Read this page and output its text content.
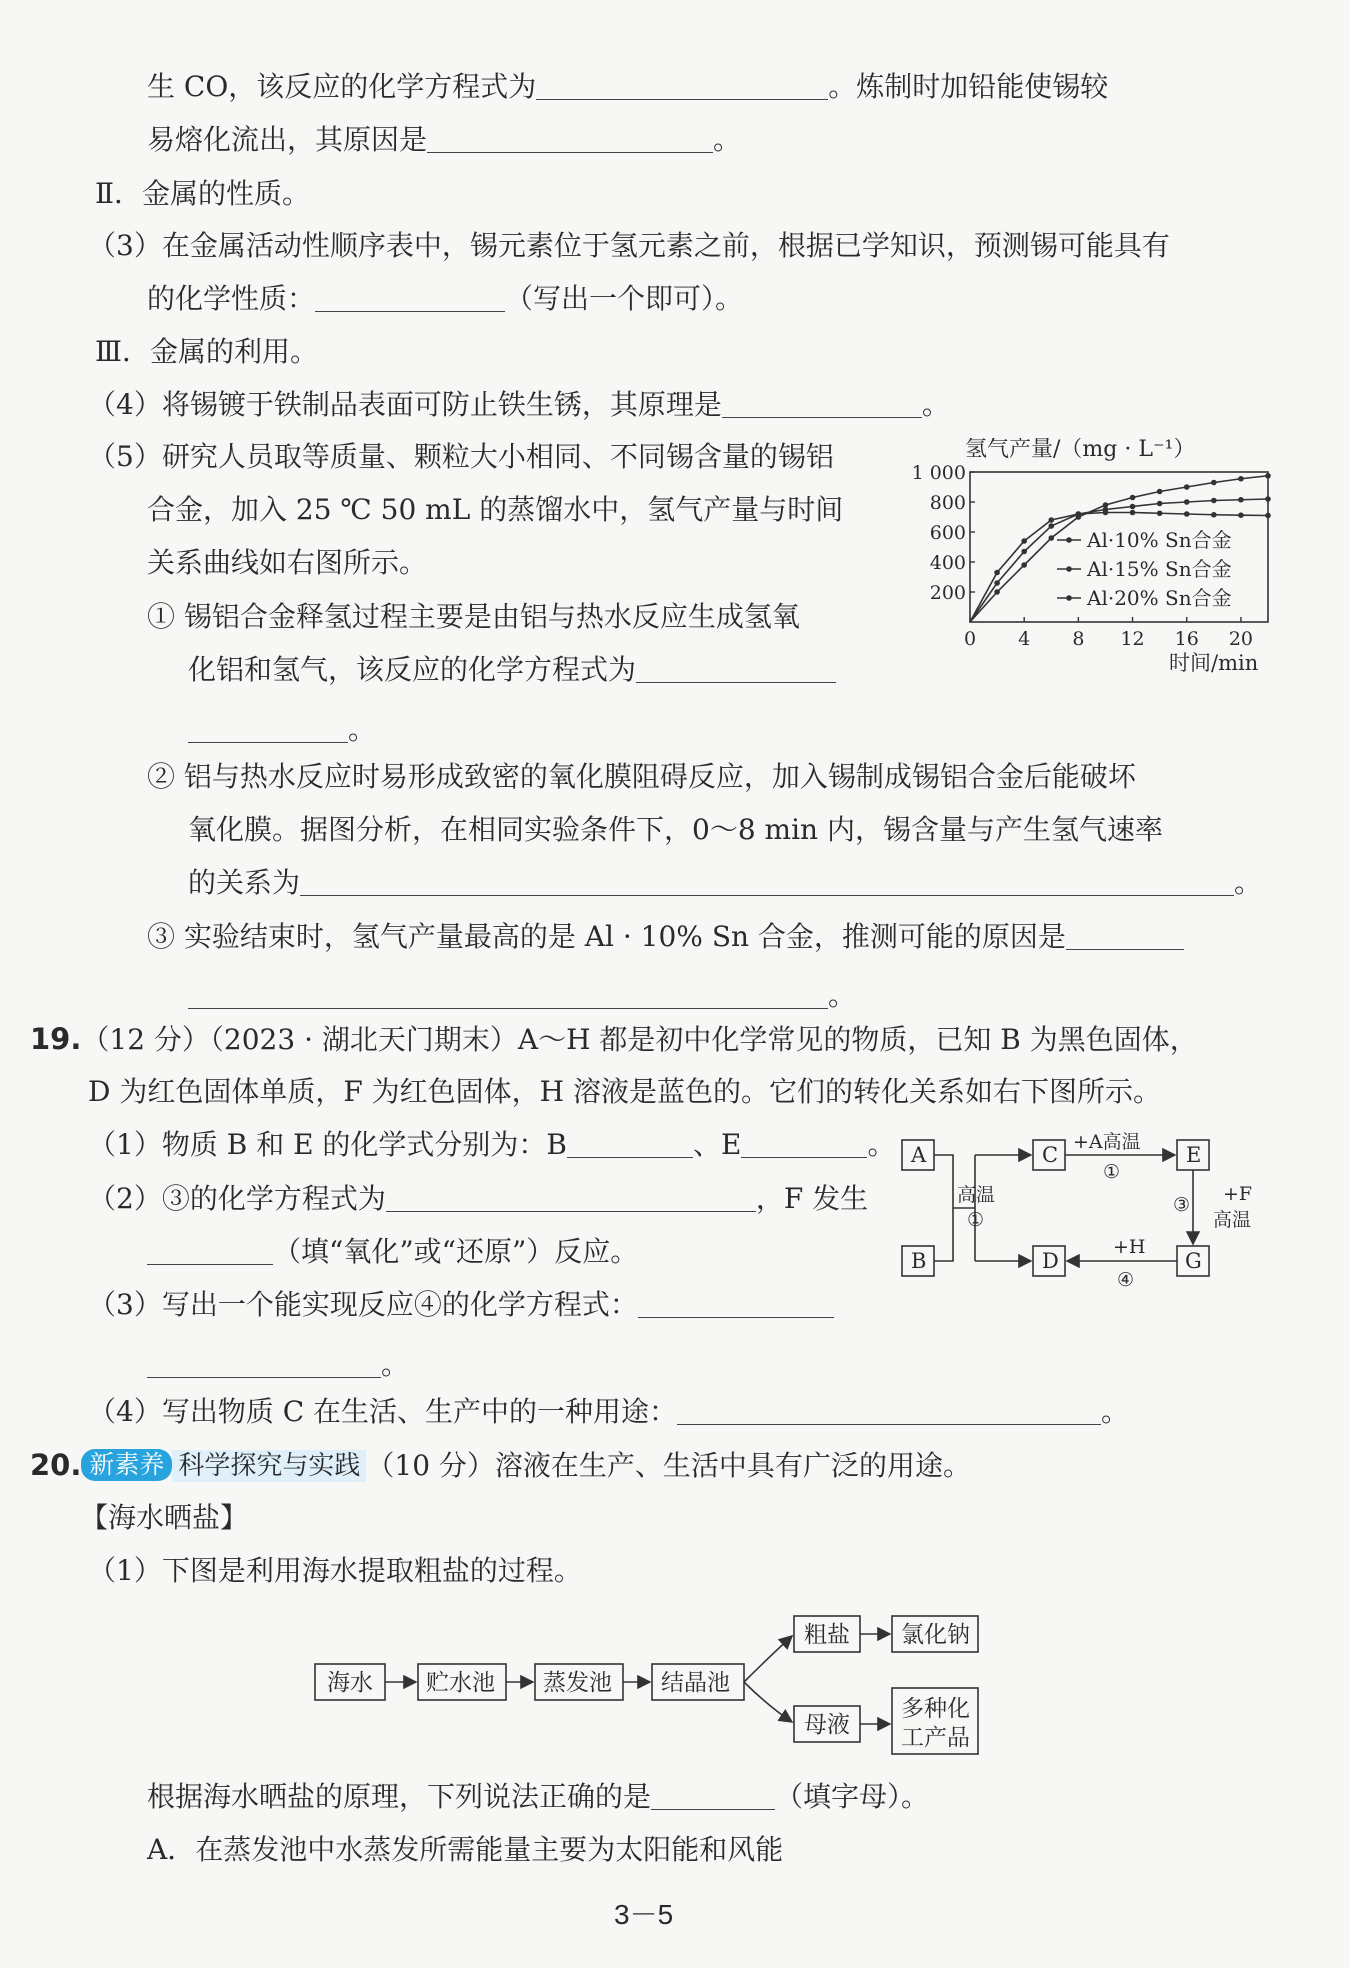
生 CO，该反应的化学方程式为	。炼制时加铅能使锡较
易熔化流出，其原因是	。
Ⅱ．金属的性质。
（3）在金属活动性顺序表中，锡元素位于氢元素之前，根据已学知识，预测锡可能具有
的化学性质：	（写出一个即可）。
Ⅲ．金属的利用。
（4）将锡镀于铁制品表面可防止铁生锈，其原理是	。
（5）研究人员取等质量、颗粒大小相同、不同锡含量的锡铝
合金，加入 25 ℃ 50 mL 的蒸馏水中，氢气产量与时间
关系曲线如右图所示。
① 锡铝合金释氢过程主要是由铝与热水反应生成氢氧
化铝和氢气，该反应的化学方程式为
。
② 铝与热水反应时易形成致密的氧化膜阻碍反应，加入锡制成锡铝合金后能破坏
氧化膜。据图分析，在相同实验条件下，0～8 min 内，锡含量与产生氢气速率
的关系为	。
③ 实验结束时，氢气产量最高的是 Al · 10% Sn 合金，推测可能的原因是
。
氢气产量/（mg · L⁻¹）
200
400
600
800
1 000
0 4 8 12 16 20
Al·10% Sn合金
Al·15% Sn合金
Al·20% Sn合金
时间/min
19.（12 分）（2023 · 湖北天门期末）A～H 都是初中化学常见的物质，已知 B 为黑色固体，
D 为红色固体单质，F 为红色固体，H 溶液是蓝色的。它们的转化关系如右下图所示。
（1）物质 B 和 E 的化学式分别为：B	、E	。
（2）③的化学方程式为	，F 发生
（填“氧化”或“还原”）反应。
（3）写出一个能实现反应④的化学方程式：
。
（4）写出物质 C 在生活、生产中的一种用途：	。
A
B
C
D
E
G
高温
①
+A高温
①
③ +F
高温
+H
④
20. 新素养 科学探究与实践 （10 分）溶液在生产、生活中具有广泛的用途。
【海水晒盐】
（1）下图是利用海水提取粗盐的过程。
海水 贮水池 蒸发池 结晶池
粗盐 氯化钠
母液
多种化
工产品
根据海水晒盐的原理，下列说法正确的是	（填字母）。
A．在蒸发池中水蒸发所需能量主要为太阳能和风能
3－5
